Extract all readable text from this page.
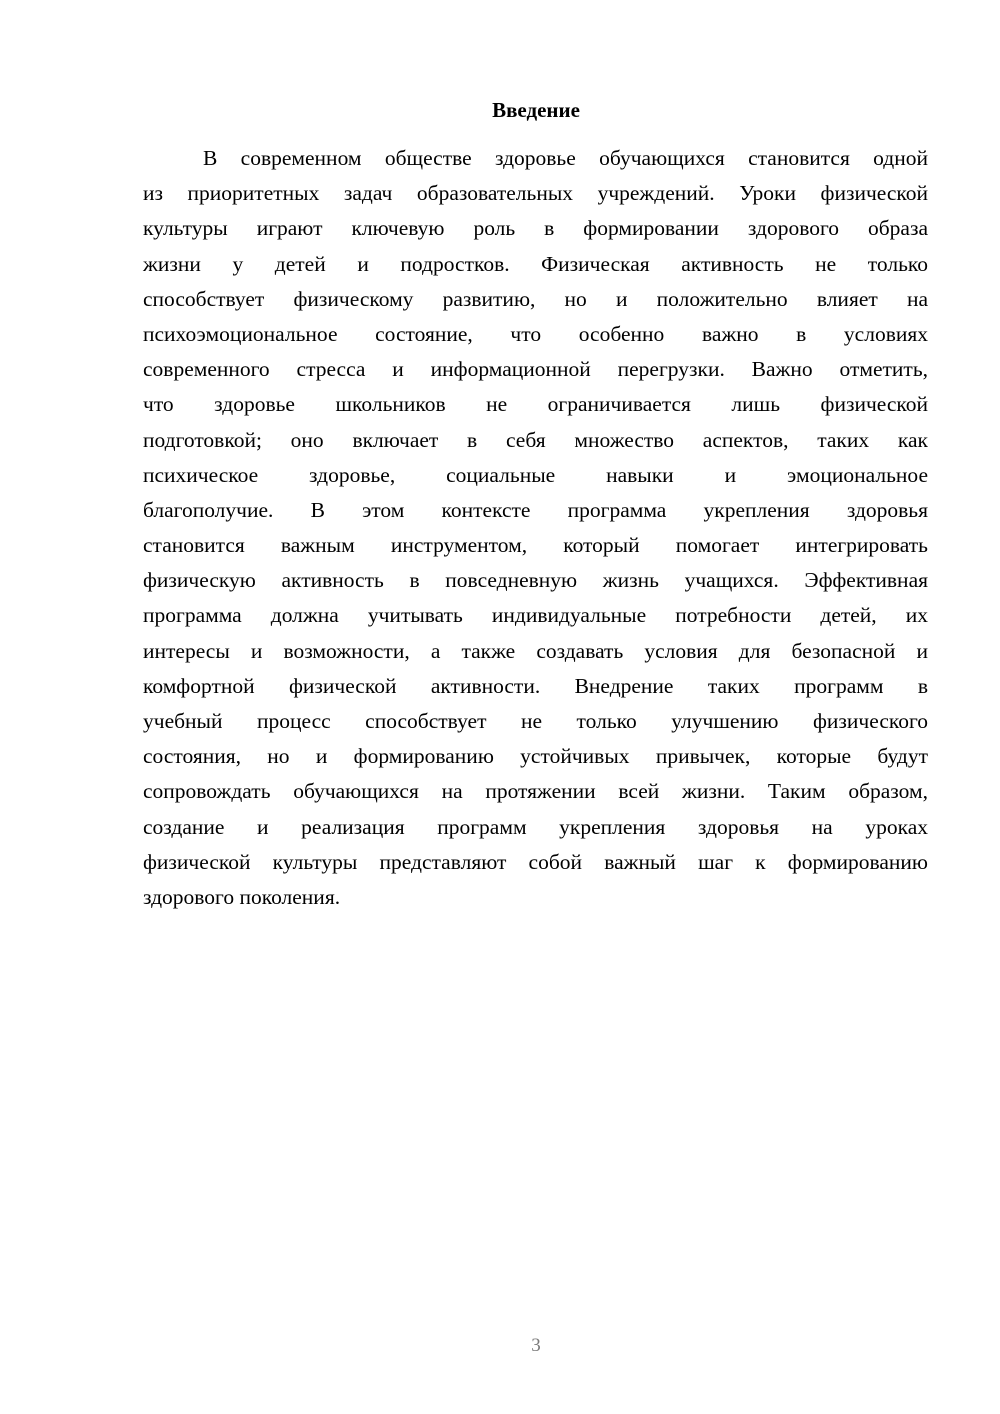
Введение
В современном обществе здоровье обучающихся становится одной
из приоритетных задач образовательных учреждений. Уроки физической
культуры играют ключевую роль в формировании здорового образа
жизни у детей и подростков. Физическая активность не только
способствует физическому развитию, но и положительно влияет на
психоэмоциональное состояние, что особенно важно в условиях
современного стресса и информационной перегрузки. Важно отметить,
что здоровье школьников не ограничивается лишь физической
подготовкой; оно включает в себя множество аспектов, таких как
психическое здоровье, социальные навыки и эмоциональное
благополучие. В этом контексте программа укрепления здоровья
становится важным инструментом, который помогает интегрировать
физическую активность в повседневную жизнь учащихся. Эффективная
программа должна учитывать индивидуальные потребности детей, их
интересы и возможности, а также создавать условия для безопасной и
комфортной физической активности. Внедрение таких программ в
учебный процесс способствует не только улучшению физического
состояния, но и формированию устойчивых привычек, которые будут
сопровождать обучающихся на протяжении всей жизни. Таким образом,
создание и реализация программ укрепления здоровья на уроках
физической культуры представляют собой важный шаг к формированию
здорового поколения.
3
